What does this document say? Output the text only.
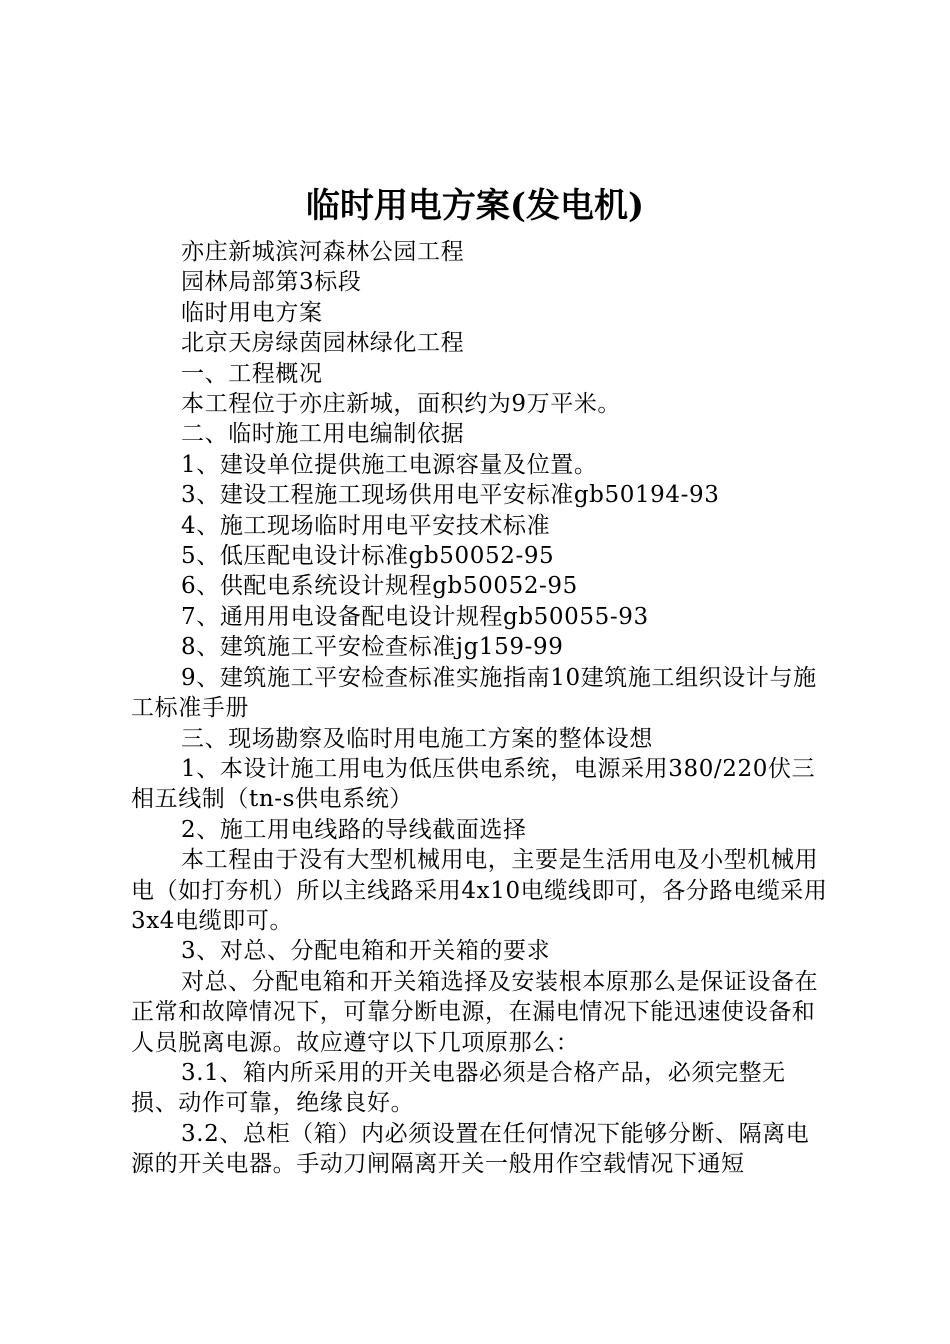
临时用电方案(发电机)

亦庄新城滨河森林公园工程

园林局部第3标段

临时用电方案

北京天房绿茵园林绿化工程

一、工程概况

本工程位于亦庄新城，面积约为9万平米。

二、临时施工用电编制依据

1、建设单位提供施工电源容量及位置。

3、建设工程施工现场供用电平安标准gb50194-93

4、施工现场临时用电平安技术标准

5、低压配电设计标准gb50052-95

6、供配电系统设计规程gb50052-95

7、通用用电设备配电设计规程gb50055-93

8、建筑施工平安检查标准jg159-99

9、建筑施工平安检查标准实施指南10建筑施工组织设计与施工标准手册

三、现场勘察及临时用电施工方案的整体设想

1、本设计施工用电为低压供电系统，电源采用380/220伏三相五线制（tn-s供电系统）

2、施工用电线路的导线截面选择

本工程由于没有大型机械用电，主要是生活用电及小型机械用电（如打夯机）所以主线路采用4x10电缆线即可，各分路电缆采用3x4电缆即可。

3、对总、分配电箱和开关箱的要求

对总、分配电箱和开关箱选择及安装根本原那么是保证设备在正常和故障情况下，可靠分断电源，在漏电情况下能迅速使设备和人员脱离电源。故应遵守以下几项原那么：

3.1、箱内所采用的开关电器必须是合格产品，必须完整无损、动作可靠，绝缘良好。

3.2、总柜（箱）内必须设置在任何情况下能够分断、隔离电源的开关电器。手动刀闸隔离开关一般用作空载情况下通短
